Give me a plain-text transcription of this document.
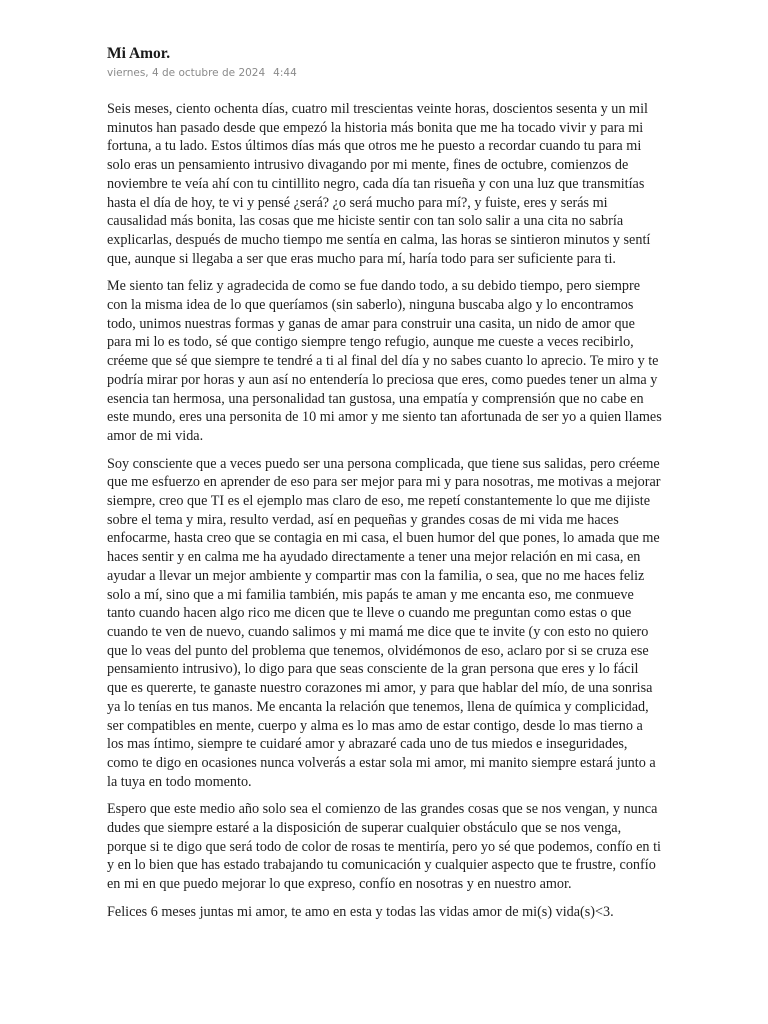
Mi Amor.
viernes, 4 de octubre de 2024 4:44

Seis meses, ciento ochenta días, cuatro mil trescientas veinte horas, doscientos sesenta y un mil minutos han pasado desde que empezó la historia más bonita que me ha tocado vivir y para mi fortuna, a tu lado. Estos últimos días más que otros me he puesto a recordar cuando tu para mi solo eras un pensamiento intrusivo divagando por mi mente, fines de octubre, comienzos de noviembre te veía ahí con tu cintillito negro, cada día tan risueña y con una luz que transmitías hasta el día de hoy, te vi y pensé ¿será? ¿o será mucho para mí?, y fuiste, eres y serás mi causalidad más bonita, las cosas que me hiciste sentir con tan solo salir a una cita no sabría explicarlas, después de mucho tiempo me sentía en calma, las horas se sintieron minutos y sentí que, aunque si llegaba a ser que eras mucho para mí, haría todo para ser suficiente para ti.

Me siento tan feliz y agradecida de como se fue dando todo, a su debido tiempo, pero siempre con la misma idea de lo que queríamos (sin saberlo), ninguna buscaba algo y lo encontramos todo, unimos nuestras formas y ganas de amar para construir una casita, un nido de amor que para mi lo es todo, sé que contigo siempre tengo refugio, aunque me cueste a veces recibirlo, créeme que sé que siempre te tendré a ti al final del día y no sabes cuanto lo aprecio. Te miro y te podría mirar por horas y aun así no entendería lo preciosa que eres, como puedes tener un alma y esencia tan hermosa, una personalidad tan gustosa, una empatía y comprensión que no cabe en este mundo, eres una personita de 10 mi amor y me siento tan afortunada de ser yo a quien llames amor de mi vida.

Soy consciente que a veces puedo ser una persona complicada, que tiene sus salidas, pero créeme que me esfuerzo en aprender de eso para ser mejor para mi y para nosotras, me motivas a mejorar siempre, creo que TI es el ejemplo mas claro de eso, me repetí constantemente lo que me dijiste sobre el tema y mira, resulto verdad, así en pequeñas y grandes cosas de mi vida me haces enfocarme, hasta creo que se contagia en mi casa, el buen humor del que pones, lo amada que me haces sentir y en calma me ha ayudado directamente a tener una mejor relación en mi casa, en ayudar a llevar un mejor ambiente y compartir mas con la familia, o sea, que no me haces feliz solo a mí, sino que a mi familia también, mis papás te aman y me encanta eso, me conmueve tanto cuando hacen algo rico me dicen que te lleve o cuando me preguntan como estas o que cuando te ven de nuevo, cuando salimos y mi mamá me dice que te invite (y con esto no quiero que lo veas del punto del problema que tenemos, olvidémonos de eso, aclaro por si se cruza ese pensamiento intrusivo), lo digo para que seas consciente de la gran persona que eres y lo fácil que es quererte, te ganaste nuestro corazones mi amor, y para que hablar del mío, de una sonrisa ya lo tenías en tus manos. Me encanta la relación que tenemos, llena de química y complicidad, ser compatibles en mente, cuerpo y alma es lo mas amo de estar contigo, desde lo mas tierno a los mas íntimo, siempre te cuidaré amor y abrazaré cada uno de tus miedos e inseguridades, como te digo en ocasiones nunca volverás a estar sola mi amor, mi manito siempre estará junto a la tuya en todo momento.

Espero que este medio año solo sea el comienzo de las grandes cosas que se nos vengan, y nunca dudes que siempre estaré a la disposición de superar cualquier obstáculo que se nos venga, porque si te digo que será todo de color de rosas te mentiría, pero yo sé que podemos, confío en ti y en lo bien que has estado trabajando tu comunicación y cualquier aspecto que te frustre, confío en mi en que puedo mejorar lo que expreso, confío en nosotras y en nuestro amor.

Felices 6 meses juntas mi amor, te amo en esta y todas las vidas amor de mi(s) vida(s)<3.
